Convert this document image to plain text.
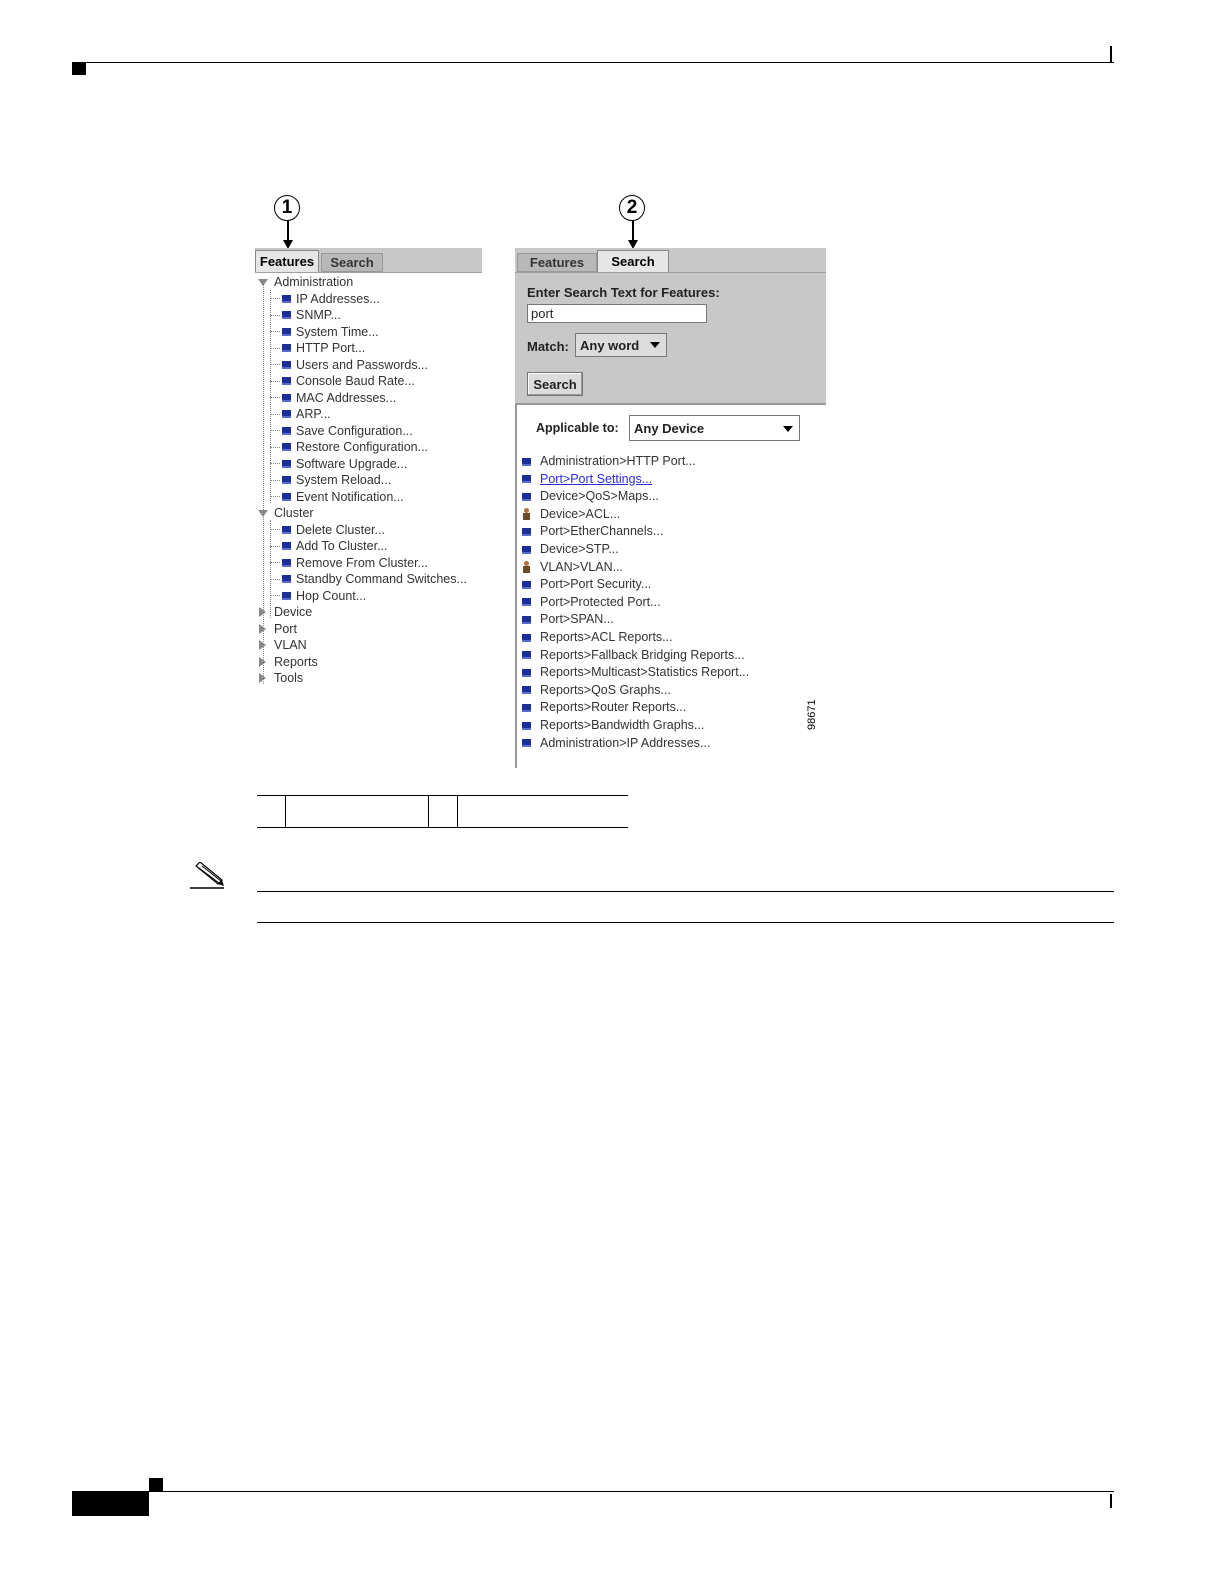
1	2
Features	Search
Administration
IP Addresses...
SNMP...
System Time...
HTTP Port...
Users and Passwords...
Console Baud Rate...
MAC Addresses...
ARP...
Save Configuration...
Restore Configuration...
Software Upgrade...
System Reload...
Event Notification...
Cluster
Delete Cluster...
Add To Cluster...
Remove From Cluster...
Standby Command Switches...
Hop Count...
Device
Port
VLAN
Reports
Tools
Features	Search
Enter Search Text for Features:
port
Match: Any word
Search
Applicable to: Any Device
Administration>HTTP Port...
Port>Port Settings...
Device>QoS>Maps...
Device>ACL...
Port>EtherChannels...
Device>STP...
VLAN>VLAN...
Port>Port Security...
Port>Protected Port...
Port>SPAN...
Reports>ACL Reports...
Reports>Fallback Bridging Reports...
Reports>Multicast>Statistics Report...
Reports>QoS Graphs...
Reports>Router Reports...
Reports>Bandwidth Graphs...
Administration>IP Addresses...
98671
